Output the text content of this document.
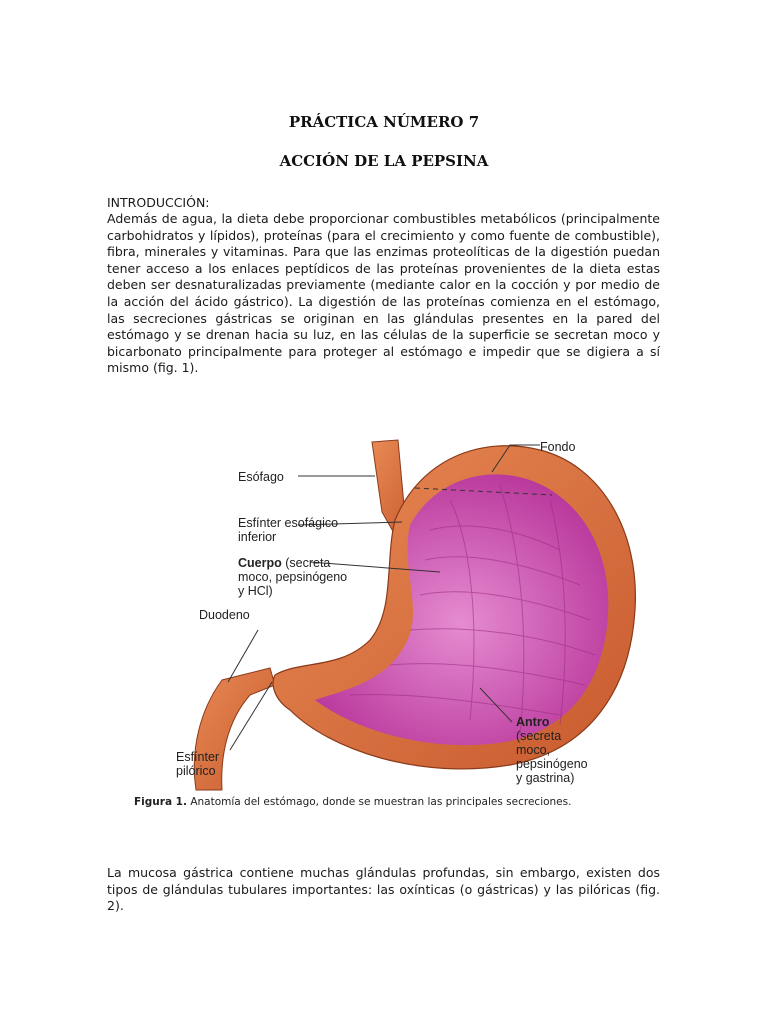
PRÁCTICA NÚMERO 7
ACCIÓN DE LA PEPSINA

INTRODUCCIÓN:

Además de agua, la dieta debe proporcionar combustibles metabólicos (principalmente carbohidratos y lípidos), proteínas (para el crecimiento y como fuente de combustible), fibra, minerales y vitaminas. Para que las enzimas proteolíticas de la digestión puedan tener acceso a los enlaces peptídicos de las proteínas provenientes de la dieta estas deben ser desnaturalizadas previamente (mediante calor en la cocción y por medio de la acción del ácido gástrico). La digestión de las proteínas comienza en el estómago, las secreciones gástricas se originan en las glándulas presentes en la pared del estómago y se drenan hacia su luz, en las células de la superficie se secretan moco y bicarbonato principalmente para proteger al estómago e impedir que se digiera a sí mismo (fig. 1).

Fondo
Esófago
Esfínter esofágico
inferior
Cuerpo (secreta
moco, pepsinógeno
y HCl)
Duodeno
Antro
(secreta
moco,
pepsinógeno
y gastrina)
Esfínter
pilórico

Figura 1. Anatomía del estómago, donde se muestran las principales secreciones.

La mucosa gástrica contiene muchas glándulas profundas, sin embargo, existen dos tipos de glándulas tubulares importantes: las oxínticas (o gástricas) y las pilóricas (fig. 2).
